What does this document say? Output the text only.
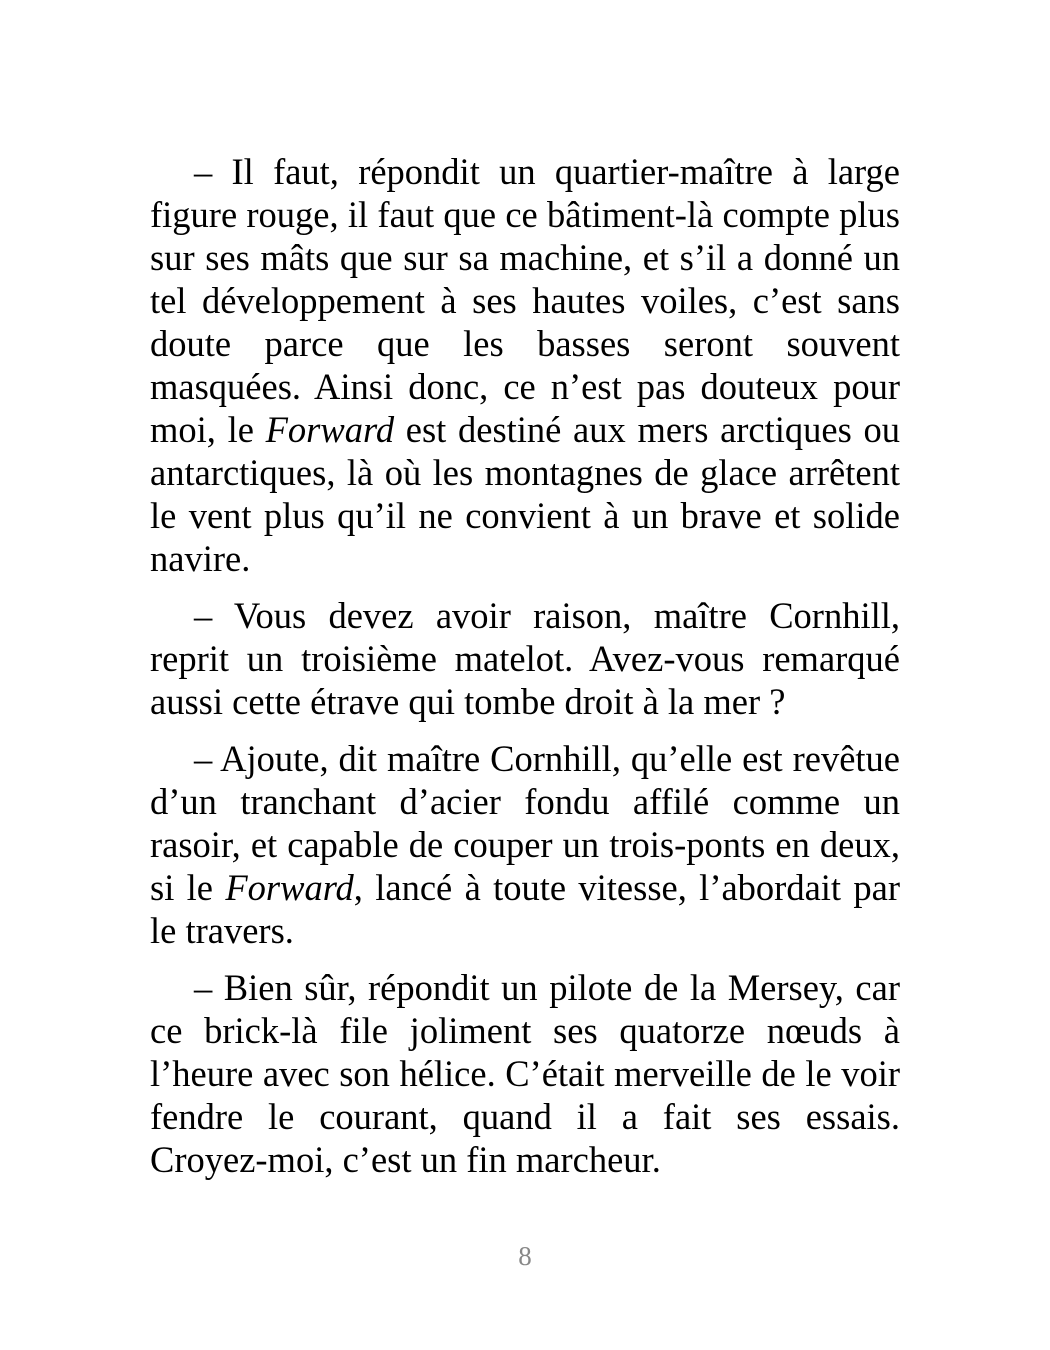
– Il faut, répondit un quartier-maître à large figure rouge, il faut que ce bâtiment-là compte plus sur ses mâts que sur sa machine, et s’il a donné un tel développement à ses hautes voiles, c’est sans doute parce que les basses seront souvent masquées. Ainsi donc, ce n’est pas douteux pour moi, le Forward est destiné aux mers arctiques ou antarctiques, là où les montagnes de glace arrêtent le vent plus qu’il ne convient à un brave et solide navire.

– Vous devez avoir raison, maître Cornhill, reprit un troisième matelot. Avez-vous remarqué aussi cette étrave qui tombe droit à la mer ?

– Ajoute, dit maître Cornhill, qu’elle est revêtue d’un tranchant d’acier fondu affilé comme un rasoir, et capable de couper un trois-ponts en deux, si le Forward, lancé à toute vitesse, l’abordait par le travers.

– Bien sûr, répondit un pilote de la Mersey, car ce brick-là file joliment ses quatorze nœuds à l’heure avec son hélice. C’était merveille de le voir fendre le courant, quand il a fait ses essais. Croyez-moi, c’est un fin marcheur.

8
